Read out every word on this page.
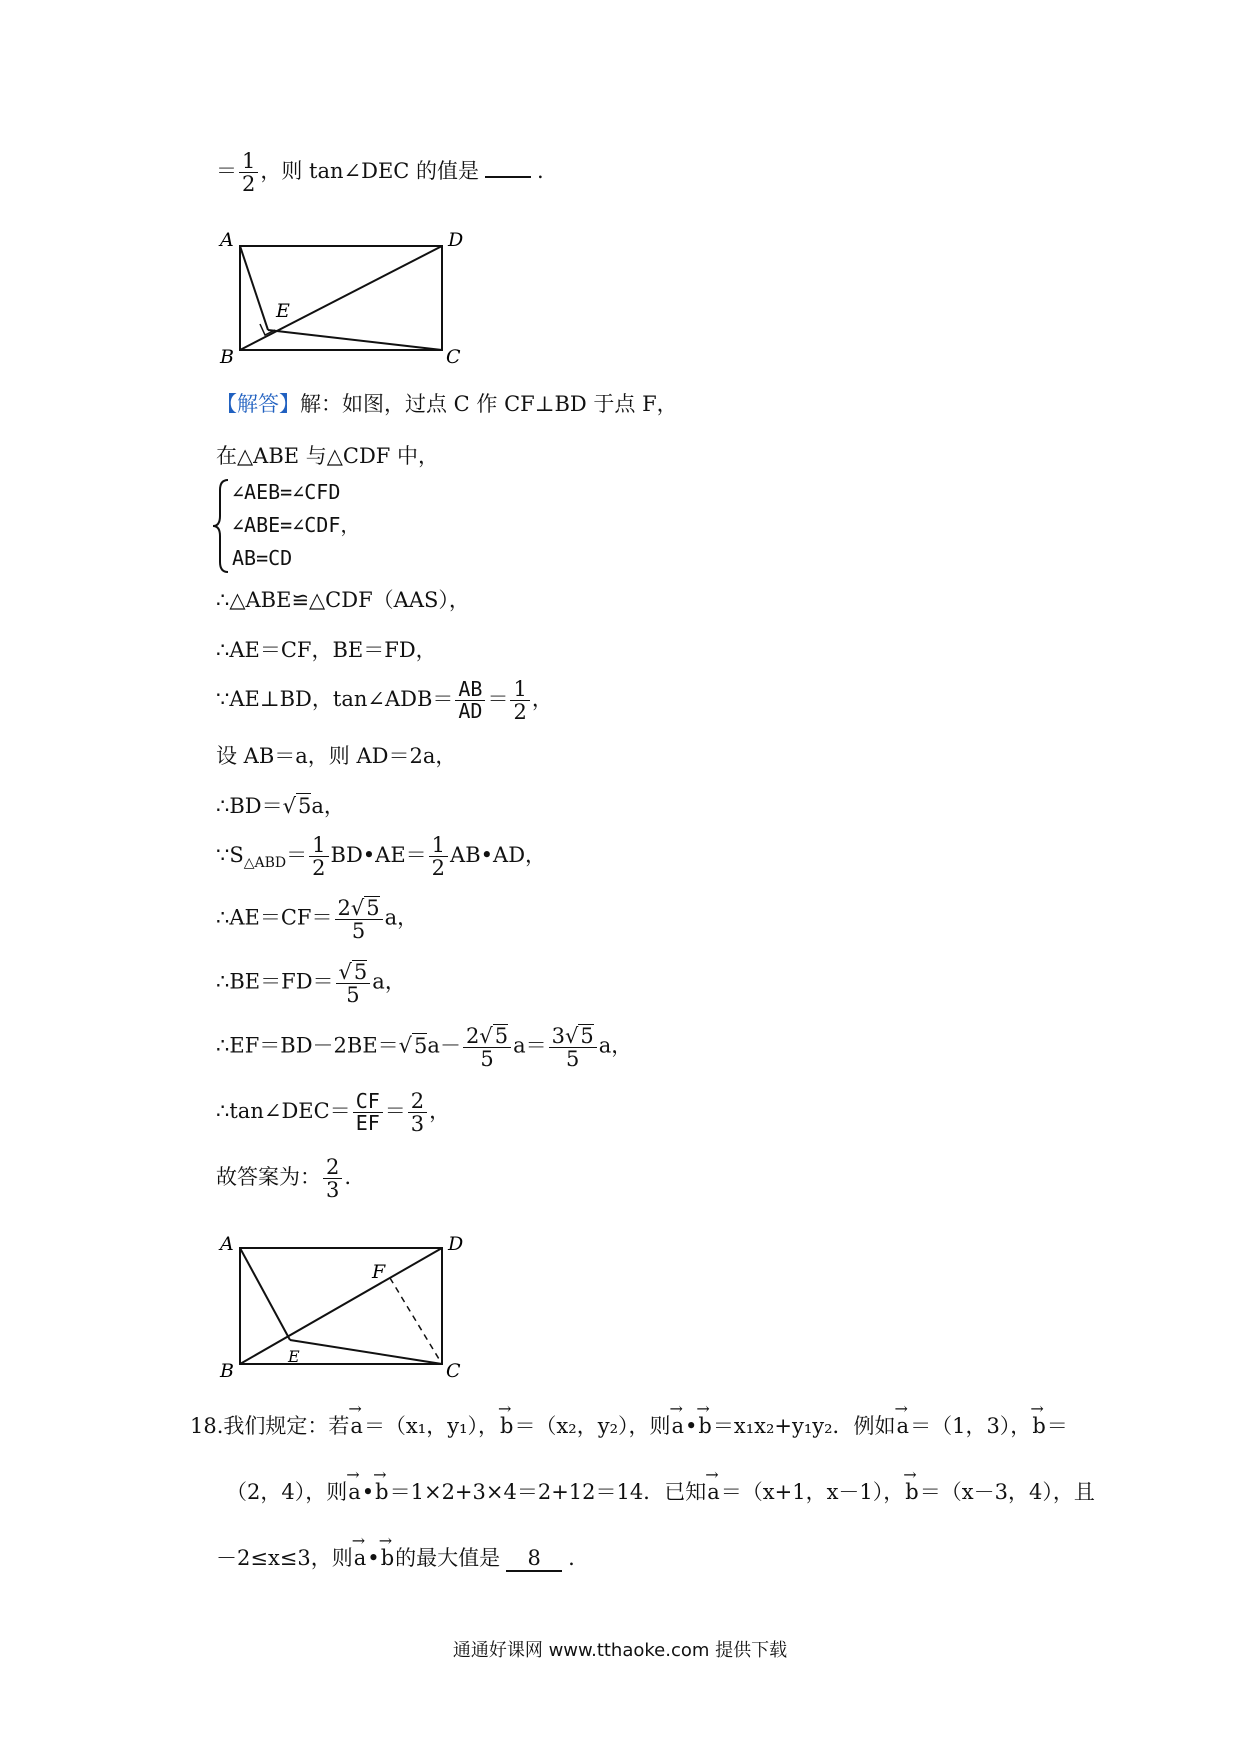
＝ $\frac{1}{2}$ ，则 tan∠DEC 的值是	.
A
B	C
D
E
【解答】解：如图，过点 C 作 CF⊥BD 于点 F，
在△ABE 与△CDF 中，
∠AEB=∠CFD
∠ABE=∠CDF，
AB=CD
∴△ABE≌△CDF（AAS），
∴AE＝CF，BE＝FD，
∵AE⊥BD，tan∠ADB＝ $\frac{AB}{AD} = \frac{1}{2}$ ，
设 AB＝a，则 AD＝2a，
∴BD＝√5a，
$\because S_{\triangle ABD}= \frac{1}{2}$ BD•AE＝ $\frac{1}{2}$ AB•AD，
∴AE＝CF＝ $\frac{2√5}{5}$ a，
∴BE＝FD＝ $\frac{√5}{5}$ a，
∴EF＝BD－2BE＝√5a－ $\frac{2√5}{5} a= \frac{3√5}{5}$ a，
∴tan∠DEC＝ $\frac{CF}{EF} = \frac{2}{3}$ ，
故答案为： $\frac{2}{3}$ .
A
B	C
D
E
F
18.我们规定：若→ a＝（x₁，y₁），→ b＝（x₂，y₂），则→ a•→ b＝x₁x₂+y₁y₂．例如→ a＝（1，3），→ b＝
（2，4），则→ a•→ b＝1×2+3×4＝2+12＝14．已知→ a＝（x+1，x－1），→ b＝（x－3，4），且
－2≤x≤3，则→ a•→ b的最大值是 8 .
通通好课网 www.tthaoke.com 提供下载
